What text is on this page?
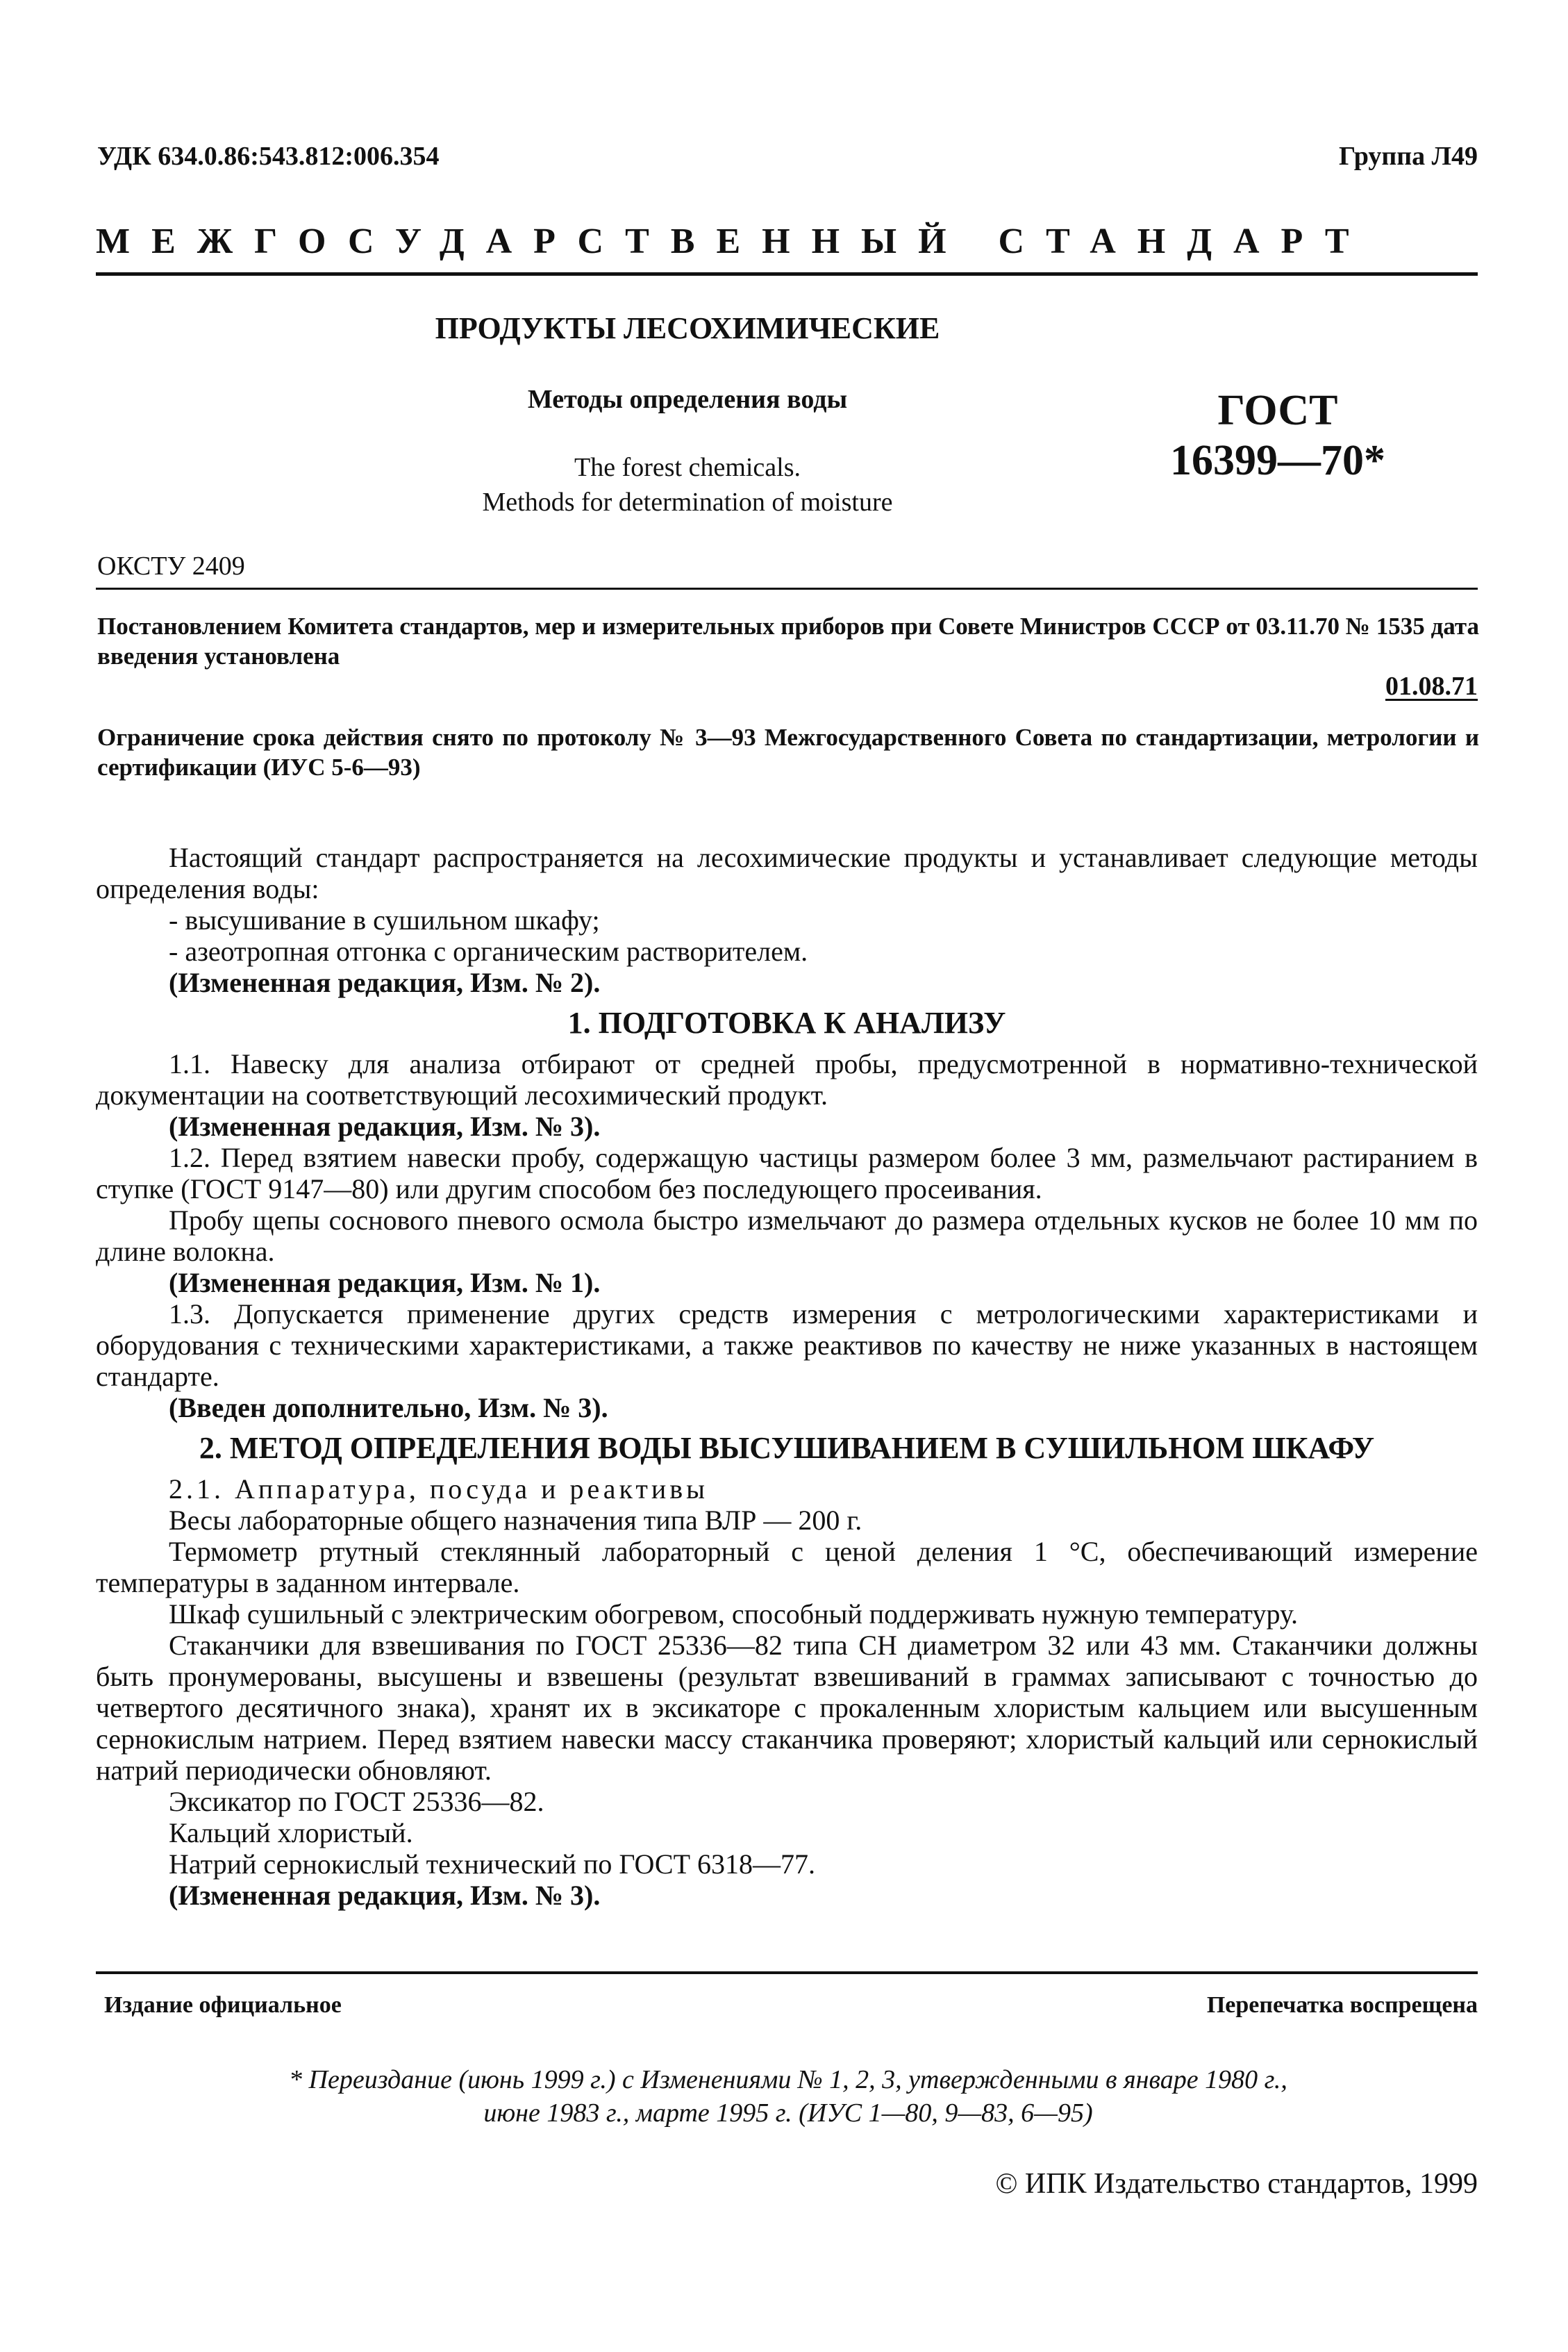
УДК 634.0.86:543.812:006.354	Группа Л49
МЕЖГОСУДАРСТВЕННЫЙ СТАНДАРТ
ПРОДУКТЫ ЛЕСОХИМИЧЕСКИЕ
Методы определения воды
The forest chemicals.
Methods for determination of moisture
ГОСТ
16399—70*
ОКСТУ 2409
Постановлением Комитета стандартов, мер и измерительных приборов при Совете Министров СССР от 03.11.70 № 1535 дата введения установлена
01.08.71
Ограничение срока действия снято по протоколу № 3—93 Межгосударственного Совета по стандартизации, метрологии и сертификации (ИУС 5-6—93)

Настоящий стандарт распространяется на лесохимические продукты и устанавливает следующие методы определения воды:

- высушивание в сушильном шкафу;

- азеотропная отгонка с органическим растворителем.

(Измененная редакция, Изм. № 2).

1. ПОДГОТОВКА К АНАЛИЗУ

1.1. Навеску для анализа отбирают от средней пробы, предусмотренной в нормативно-технической документации на соответствующий лесохимический продукт.

(Измененная редакция, Изм. № 3).

1.2. Перед взятием навески пробу, содержащую частицы размером более 3 мм, размельчают растиранием в ступке (ГОСТ 9147—80) или другим способом без последующего просеивания.

Пробу щепы соснового пневого осмола быстро измельчают до размера отдельных кусков не более 10 мм по длине волокна.

(Измененная редакция, Изм. № 1).

1.3. Допускается применение других средств измерения с метрологическими характеристиками и оборудования с техническими характеристиками, а также реактивов по качеству не ниже указанных в настоящем стандарте.

(Введен дополнительно, Изм. № 3).

2. МЕТОД ОПРЕДЕЛЕНИЯ ВОДЫ ВЫСУШИВАНИЕМ В СУШИЛЬНОМ ШКАФУ

2.1. Аппаратура, посуда и реактивы

Весы лабораторные общего назначения типа ВЛР — 200 г.

Термометр ртутный стеклянный лабораторный с ценой деления 1 °С, обеспечивающий измерение температуры в заданном интервале.

Шкаф сушильный с электрическим обогревом, способный поддерживать нужную температуру.

Стаканчики для взвешивания по ГОСТ 25336—82 типа СН диаметром 32 или 43 мм. Стаканчики должны быть пронумерованы, высушены и взвешены (результат взвешиваний в граммах записывают с точностью до четвертого десятичного знака), хранят их в эксикаторе с прокаленным хлористым кальцием или высушенным сернокислым натрием. Перед взятием навески массу стаканчика проверяют; хлористый кальций или сернокислый натрий периодически обновляют.

Эксикатор по ГОСТ 25336—82.

Кальций хлористый.

Натрий сернокислый технический по ГОСТ 6318—77.

(Измененная редакция, Изм. № 3).

Издание официальное	Перепечатка воспрещена
* Переиздание (июнь 1999 г.) с Изменениями № 1, 2, 3, утвержденными в январе 1980 г.,
июне 1983 г., марте 1995 г. (ИУС 1—80, 9—83, 6—95)
© ИПК Издательство стандартов, 1999
